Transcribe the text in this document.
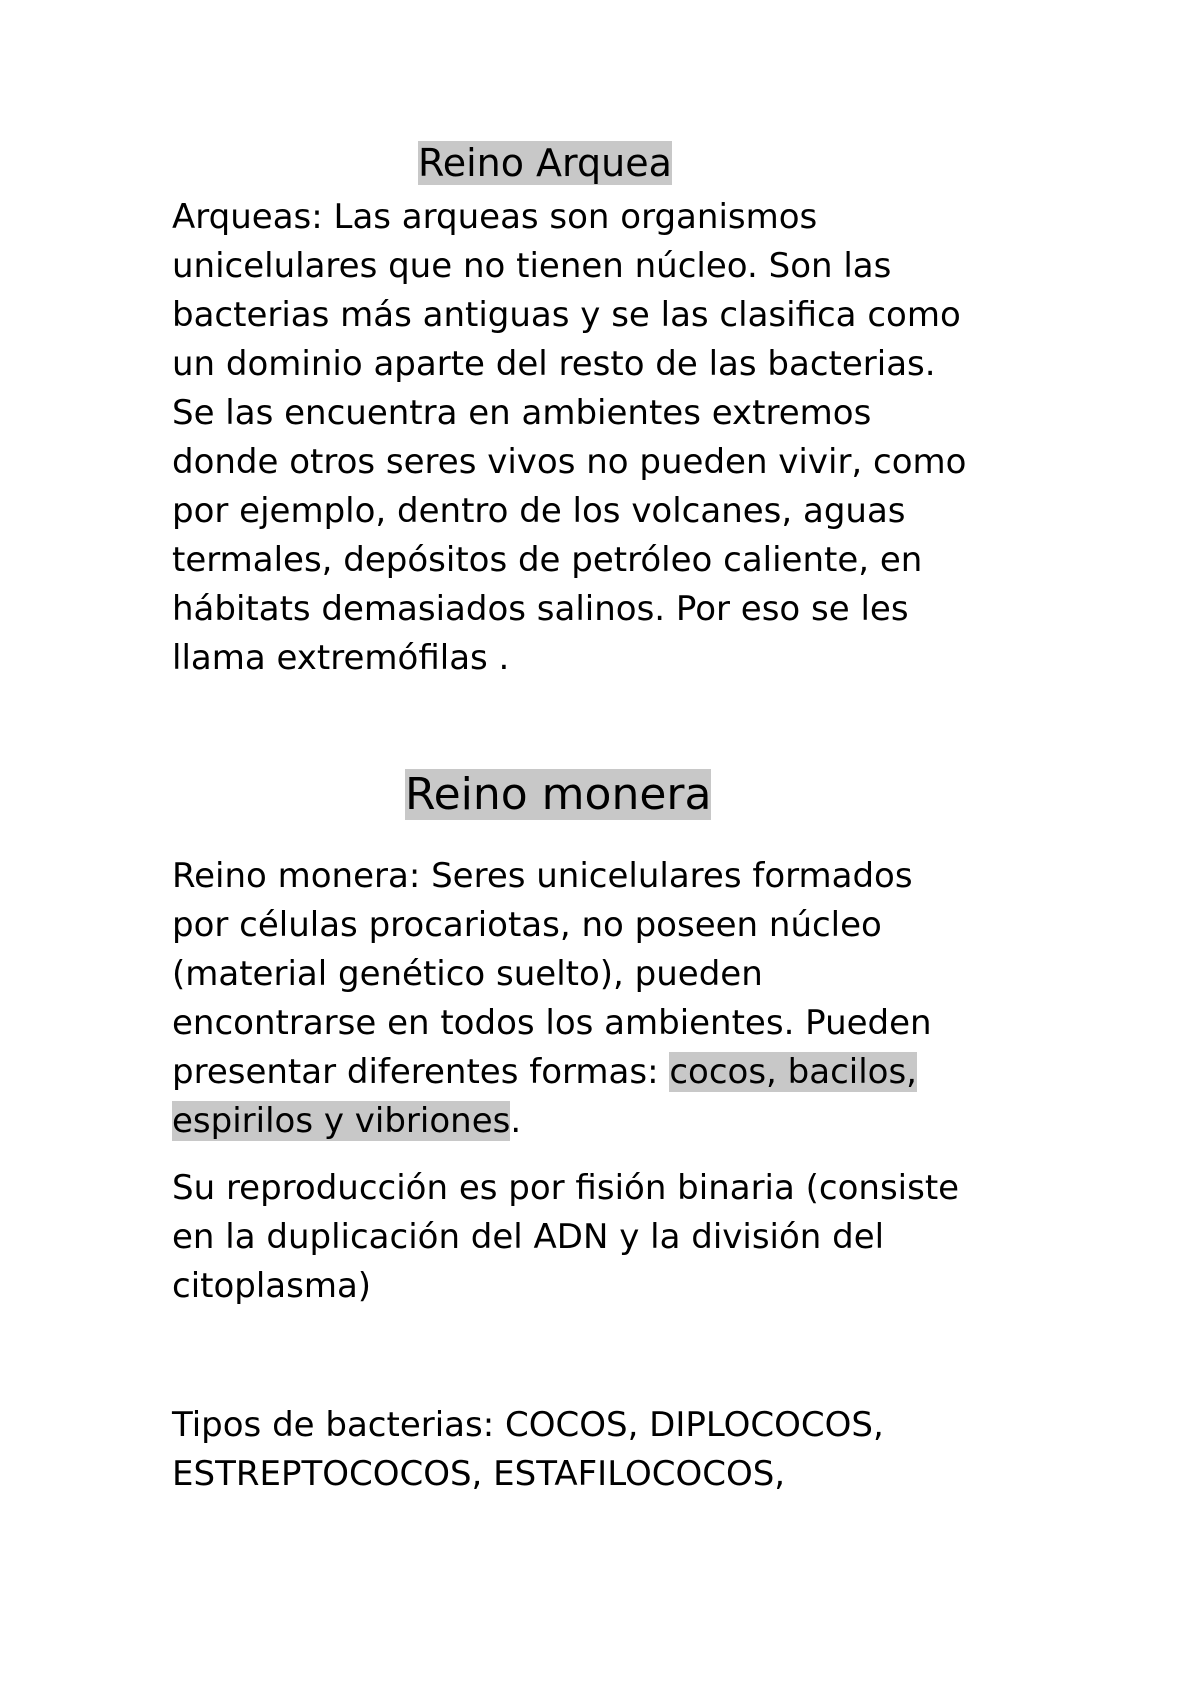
Reino Arquea

Arqueas: Las arqueas son organismos
unicelulares que no tienen núcleo. Son las
bacterias más antiguas y se las clasifica como
un dominio aparte del resto de las bacterias.
Se las encuentra en ambientes extremos
donde otros seres vivos no pueden vivir, como
por ejemplo, dentro de los volcanes, aguas
termales, depósitos de petróleo caliente, en
hábitats demasiados salinos. Por eso se les
llama extremófilas .

Reino monera

Reino monera: Seres unicelulares formados
por células procariotas, no poseen núcleo
(material genético suelto), pueden
encontrarse en todos los ambientes. Pueden
presentar diferentes formas: cocos, bacilos,
espirilos y vibriones.

Su reproducción es por fisión binaria (consiste
en la duplicación del ADN y la división del
citoplasma)

Tipos de bacterias: COCOS, DIPLOCOCOS,
ESTREPTOCOCOS, ESTAFILOCOCOS,
